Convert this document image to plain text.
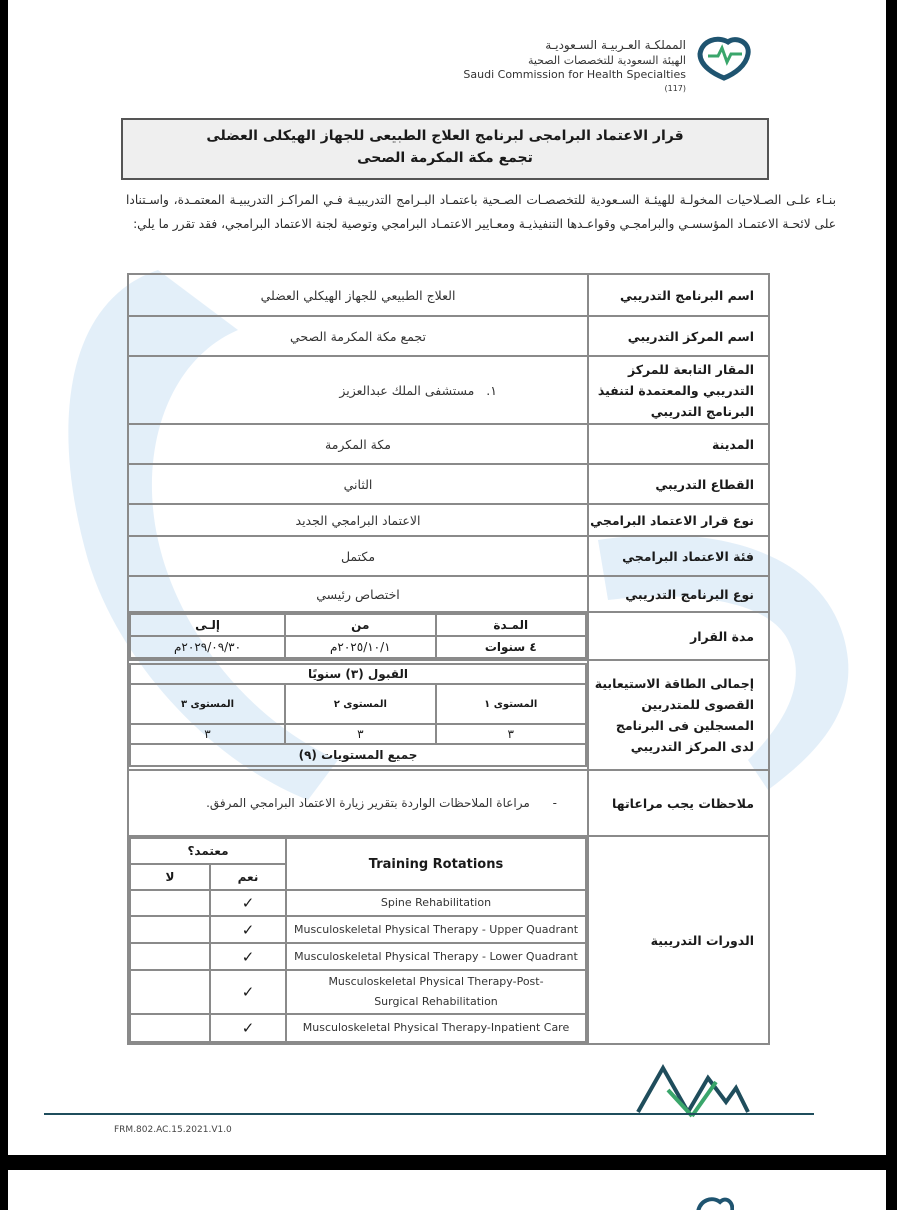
المملكـة العـربيـة السـعوديـة
الهيئة السعودية للتخصصات الصحية
Saudi Commission for Health Specialties
(117)
قرار الاعتماد البرامجى لبرنامج العلاج الطبيعى للجهاز الهيكلى العضلى
تجمع مكة المكرمة الصحى
بنـاء علـى الصـلاحيات المخولـة للهيئـة السـعودية للتخصصـات الصـحية باعتمـاد البـرامج التدريبيـة فـي المراكـز التدريبيـة المعتمـدة، واسـتنادا على لائحـة الاعتمـاد المؤسسـي والبرامجـي وقواعـدها التنفيذيـة ومعـايير الاعتمـاد البرامجي وتوصية لجنة الاعتماد البرامجي، فقد تقرر ما يلي:
اسم البرنامج التدريبي	العلاج الطبيعي للجهاز الهيكلي العضلي
اسم المركز التدريبي	تجمع مكة المكرمة الصحي
المقار التابعة للمركز التدريبي والمعتمدة لتنفيذ البرنامج التدريبي	١.   مستشفى الملك عبدالعزيز
المدينة	مكة المكرمة
القطاع التدريبي	الثاني
نوع قرار الاعتماد البرامجي	الاعتماد البرامجي الجديد
فئة الاعتماد البرامجي	مكتمل
نوع البرنامج التدريبي	اختصاص رئيسي
مدة القرار	
المـدة	من	إلـى
٤ سنوات	٢٠٢٥/١٠/١م	٢٠٢٩/٠٩/٣٠م

إجمالى الطاقة الاستيعابية القصوى للمتدربين المسجلين فى البرنامج لدى المركز التدريبي	
القبول (٣) سنويًا
المستوى ١	المستوى ٢	المستوى ٣
٣	٣	٣
جميع المستويات (٩)

ملاحظات يجب مراعاتها	-      مراعاة الملاحظات الواردة بتقرير زيارة الاعتماد البرامجي المرفق.
الدورات التدريبية	
معتمد؟	Training Rotations
لا	نعم
	✓	Spine Rehabilitation
	✓	Musculoskeletal Physical Therapy - Upper Quadrant
	✓	Musculoskeletal Physical Therapy - Lower Quadrant
	✓	Musculoskeletal Physical Therapy-Post-Surgical Rehabilitation
	✓	Musculoskeletal Physical Therapy-Inpatient Care
FRM.802.AC.15.2021.V1.0
